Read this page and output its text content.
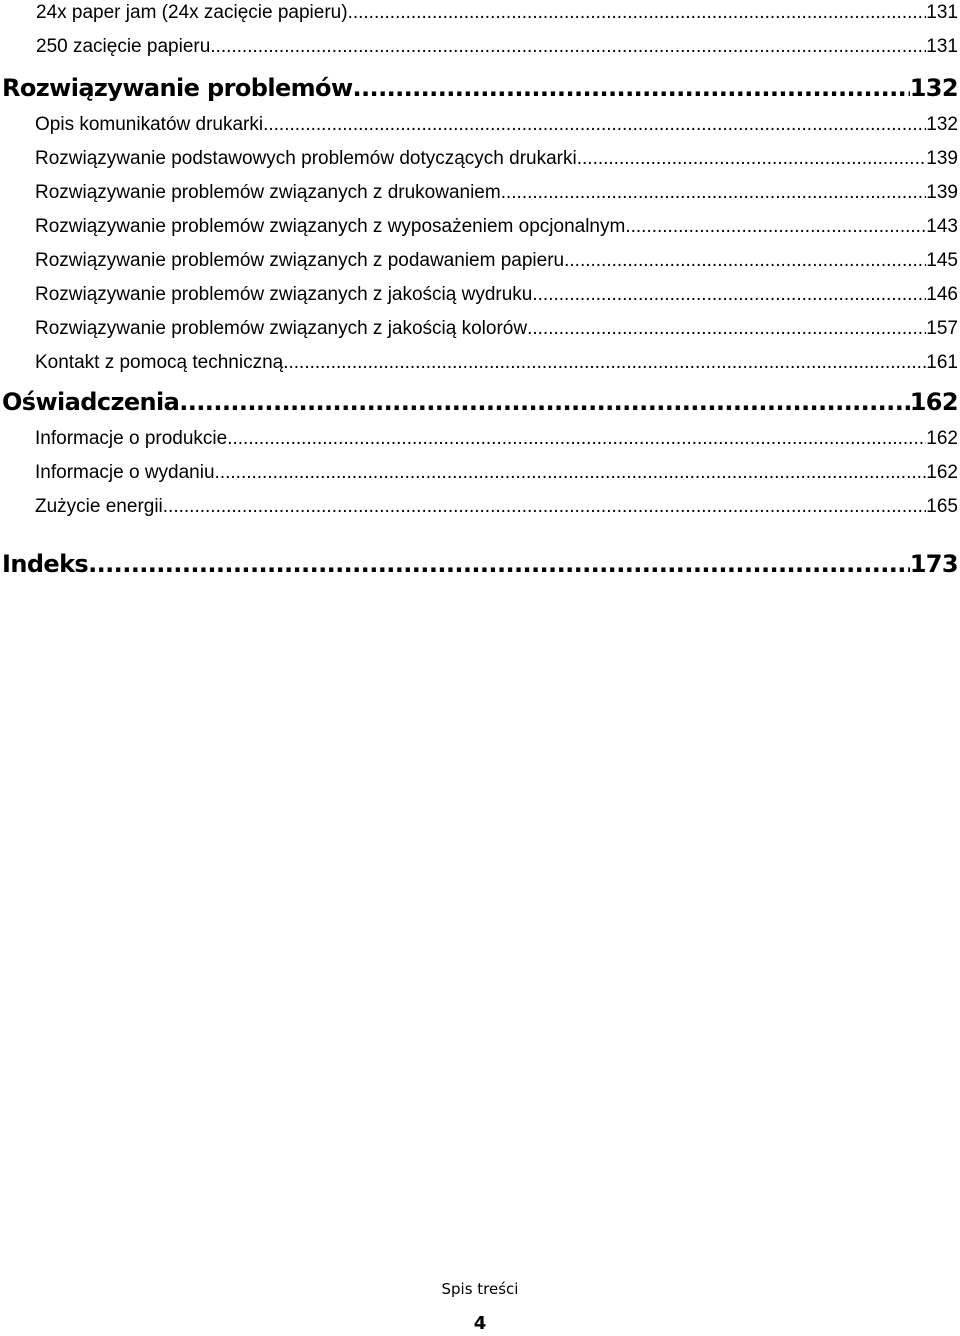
24x paper jam (24x zacięcie papieru) .....	131
250 zacięcie papieru .....	131
Rozwiązywanie problemów .....	132
Opis komunikatów drukarki .....	132
Rozwiązywanie podstawowych problemów dotyczących drukarki .....	139
Rozwiązywanie problemów związanych z drukowaniem .....	139
Rozwiązywanie problemów związanych z wyposażeniem opcjonalnym .....	143
Rozwiązywanie problemów związanych z podawaniem papieru .....	145
Rozwiązywanie problemów związanych z jakością wydruku .....	146
Rozwiązywanie problemów związanych z jakością kolorów .....	157
Kontakt z pomocą techniczną .....	161
Oświadczenia .....	162
Informacje o produkcie .....	162
Informacje o wydaniu .....	162
Zużycie energii .....	165
Indeks .....	173
Spis treści
4
